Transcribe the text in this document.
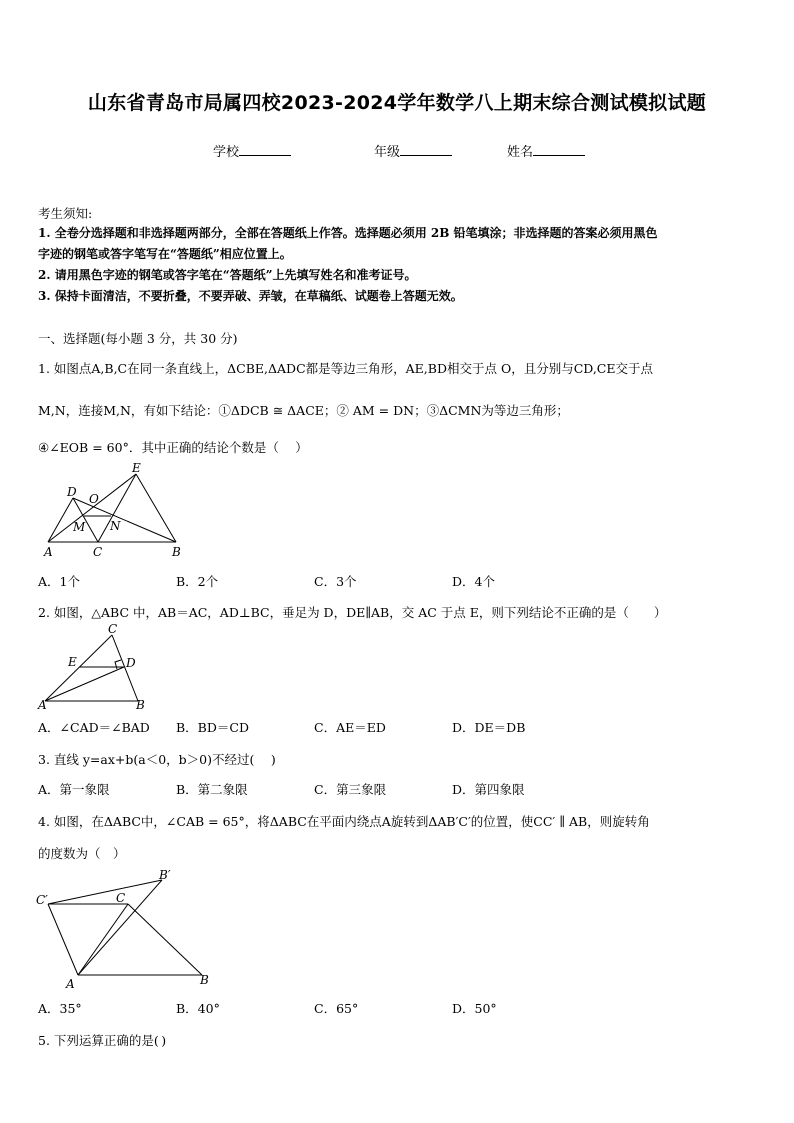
山东省青岛市局属四校2023-2024学年数学八上期末综合测试模拟试题
学校	年级	姓名
考生须知:
1. 全卷分选择题和非选择题两部分，全部在答题纸上作答。选择题必须用 2B 铅笔填涂；非选择题的答案必须用黑色
字迹的钢笔或答字笔写在“答题纸”相应位置上。
2. 请用黑色字迹的钢笔或答字笔在“答题纸”上先填写姓名和准考证号。
3. 保持卡面清洁，不要折叠，不要弄破、弄皱，在草稿纸、试题卷上答题无效。
一、选择题(每小题 3 分，共 30 分)
1. 如图点A,B,C在同一条直线上，ΔCBE,ΔADC都是等边三角形，AE,BD相交于点 O，且分别与CD,CE交于点
M,N，连接M,N，有如下结论：①ΔDCB ≅ ΔACE；② AM = DN；③ΔCMN为等边三角形；
④∠EOB = 60°．其中正确的结论个数是（　 ）
E
D O
M N
A	C	B
A．1个	B．2个	C．3个	D．4个
2. 如图，△ABC 中，AB＝AC，AD⊥BC，垂足为 D，DE∥AB，交 AC 于点 E，则下列结论不正确的是（　　）
C
E	D
A	B
A．∠CAD＝∠BAD B．BD＝CD	C．AE＝ED	D．DE＝DB
3. 直线 y=ax+b(a＜0，b＞0)不经过(　 )
A．第一象限	B．第二象限	C．第三象限	D．第四象限
4. 如图，在ΔABC中，∠CAB = 65°，将ΔABC在平面内绕点A旋转到ΔAB′C′的位置，使CC′ ∥ AB，则旋转角
的度数为（　）
B′
C′	C
A	B
A．35°	B．40°	C．65°	D．50°
5. 下列运算正确的是( )
